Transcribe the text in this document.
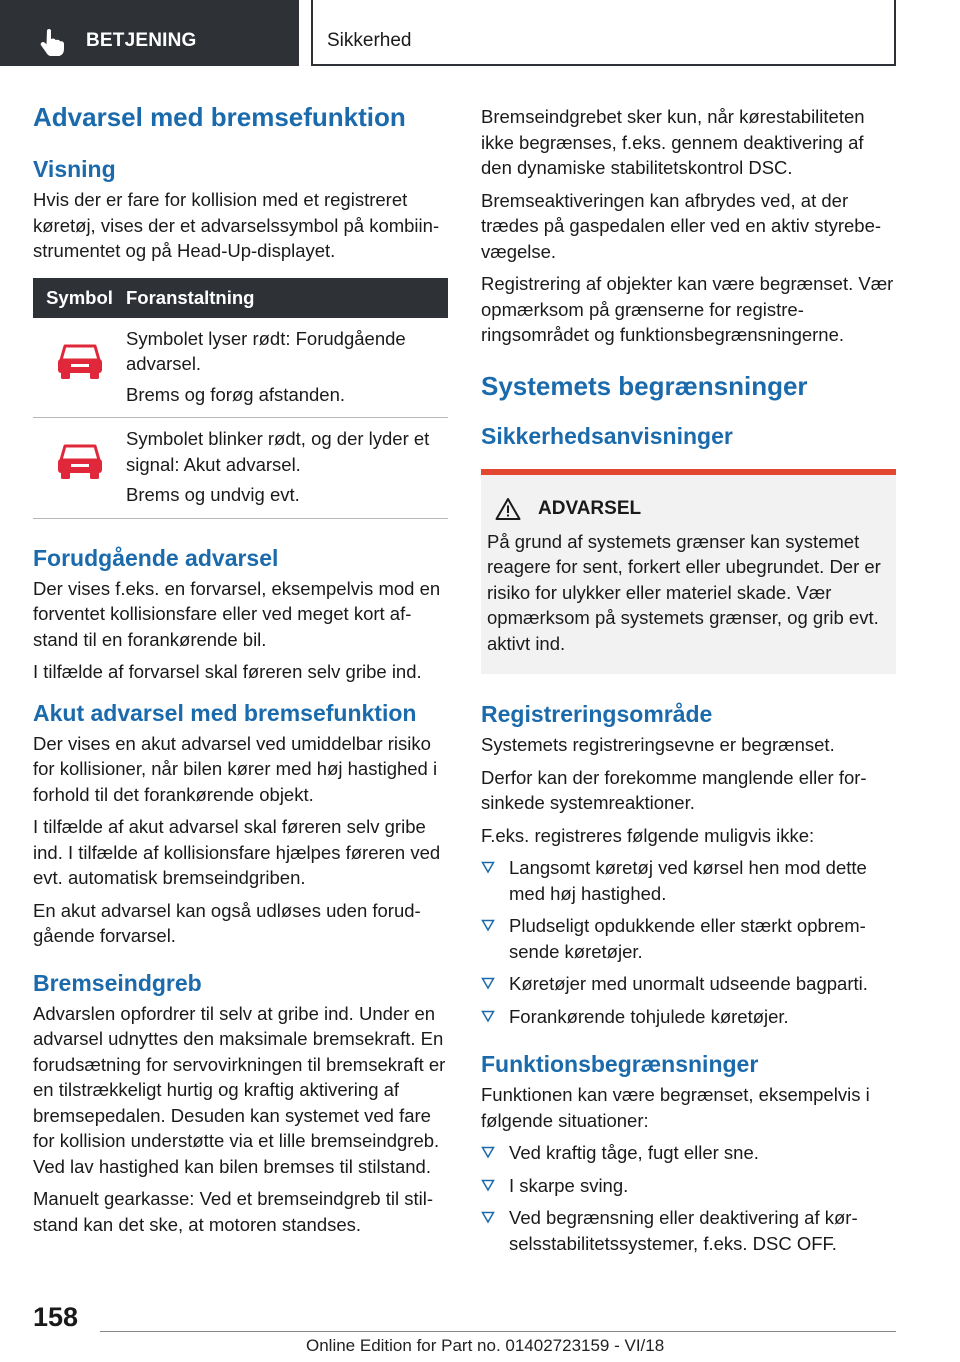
BETJENING	Sikkerhed
Advarsel med bremsefunktion
Visning

Hvis der er fare for kollision med et registreret køretøj, vises der et advarselssymbol på kombiinstrumentet og på Head-Up-displayet.

Symbol Foranstaltning

Symbolet lyser rødt: Forudgående advarsel.

Brems og forøg afstanden.

Symbolet blinker rødt, og der lyder et signal: Akut advarsel.

Brems og undvig evt.

Forudgående advarsel

Der vises f.eks. en forvarsel, eksempelvis mod en forventet kollisionsfare eller ved meget kort afstand til en forankørende bil.

I tilfælde af forvarsel skal føreren selv gribe ind.

Akut advarsel med bremsefunktion

Der vises en akut advarsel ved umiddelbar risiko for kollisioner, når bilen kører med høj hastighed i forhold til det forankørende objekt.

I tilfælde af akut advarsel skal føreren selv gribe ind. I tilfælde af kollisionsfare hjælpes føreren ved evt. automatisk bremseindgriben.

En akut advarsel kan også udløses uden forudgående forvarsel.

Bremseindgreb

Advarslen opfordrer til selv at gribe ind. Under en advarsel udnyttes den maksimale bremsekraft. En forudsætning for servovirkningen til bremsekraft er en tilstrækkeligt hurtig og kraftig aktivering af bremsepedalen. Desuden kan systemet ved fare for kollision understøtte via et lille bremseindgreb. Ved lav hastighed kan bilen bremses til stilstand.

Manuelt gearkasse: Ved et bremseindgreb til stilstand kan det ske, at motoren standses.

Bremseindgrebet sker kun, når kørestabiliteten ikke begrænses, f.eks. gennem deaktivering af den dynamiske stabilitetskontrol DSC.

Bremseaktiveringen kan afbrydes ved, at der trædes på gaspedalen eller ved en aktiv styrebevægelse.

Registrering af objekter kan være begrænset. Vær opmærksom på grænserne for registreringsområdet og funktionsbegrænsningerne.

Systemets begrænsninger
Sikkerhedsanvisninger
ADVARSEL

På grund af systemets grænser kan systemet reagere for sent, forkert eller ubegrundet. Der er risiko for ulykker eller materiel skade. Vær opmærksom på systemets grænser, og grib evt. aktivt ind.

Registreringsområde

Systemets registreringsevne er begrænset.

Derfor kan der forekomme manglende eller forsinkede systemreaktioner.

F.eks. registreres følgende muligvis ikke:

Langsomt køretøj ved kørsel hen mod dette med høj hastighed.
Pludseligt opdukkende eller stærkt opbremsende køretøjer.
Køretøjer med unormalt udseende bagparti.
Forankørende tohjulede køretøjer.
Funktionsbegrænsninger

Funktionen kan være begrænset, eksempelvis i følgende situationer:

Ved kraftig tåge, fugt eller sne.
I skarpe sving.
Ved begrænsning eller deaktivering af kørselsstabilitetssystemer, f.eks. DSC OFF.
158
Online Edition for Part no. 01402723159 - VI/18
